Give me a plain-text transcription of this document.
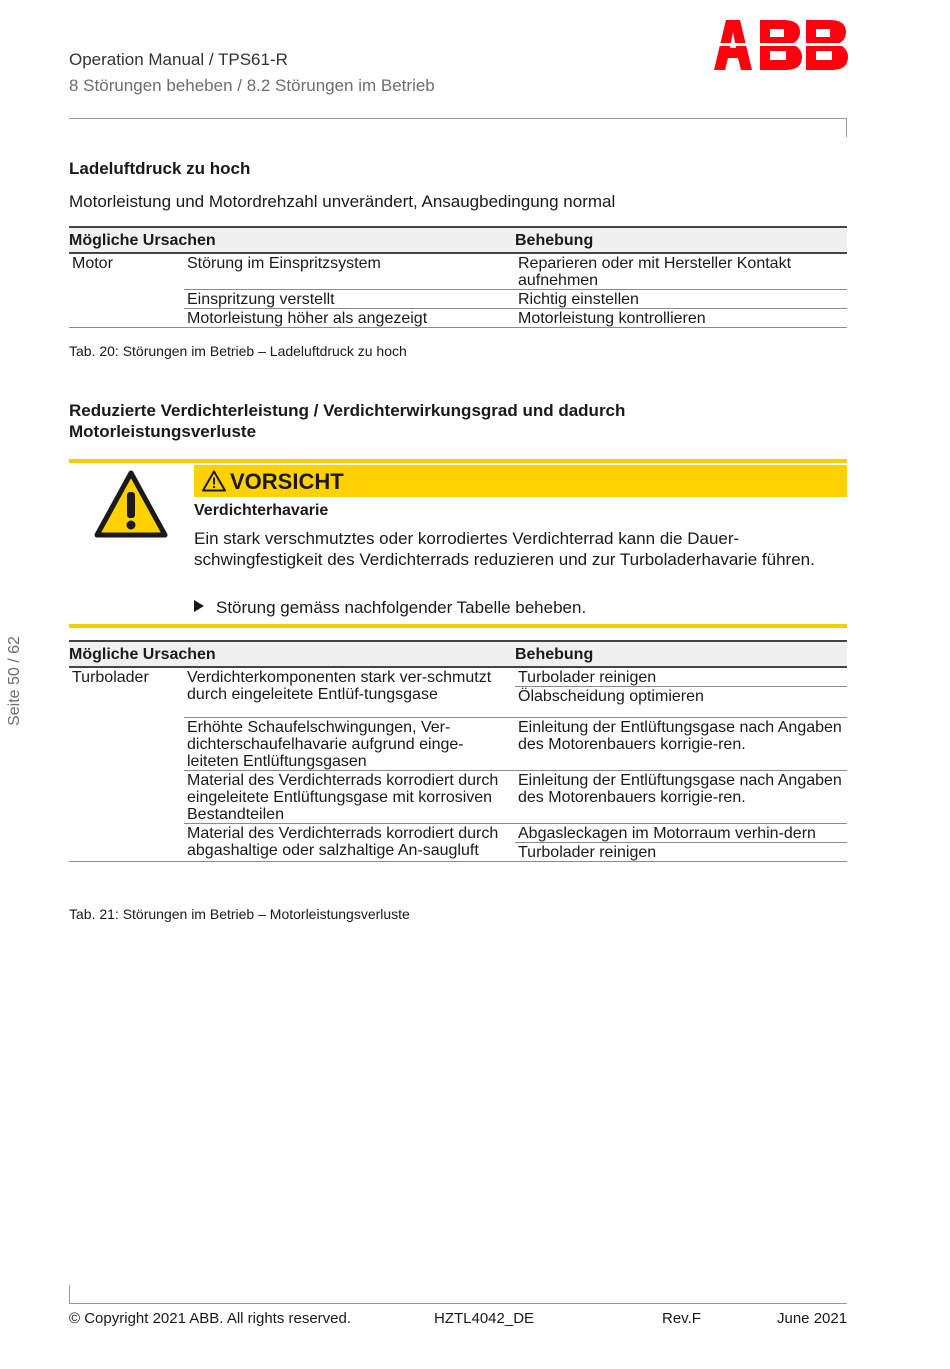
Operation Manual / TPS61-R
8 Störungen beheben / 8.2 Störungen im Betrieb
Ladeluftdruck zu hoch
Motorleistung und Motordrehzahl unverändert, Ansaugbedingung normal
Mögliche Ursachen		Behebung
Motor	Störung im Einspritzsystem	Reparieren oder mit Hersteller Kontakt aufnehmen
	Einspritzung verstellt	Richtig einstellen
	Motorleistung höher als angezeigt	Motorleistung kontrollieren
Tab. 20: Störungen im Betrieb – Ladeluftdruck zu hoch
Reduzierte Verdichterleistung / Verdichterwirkungsgrad und dadurch
Motorleistungsverluste
VORSICHT
Verdichterhavarie
Ein stark verschmutztes oder korrodiertes Verdichterrad kann die Dauer-schwingfestigkeit des Verdichterrads reduzieren und zur Turboladerhavarie führen.
Störung gemäss nachfolgender Tabelle beheben.
Mögliche Ursachen		Behebung
Turbolader	Verdichterkomponenten stark ver-schmutzt durch eingeleitete Entlüf-tungsgase	Turbolader reinigen
		Ölabscheidung optimieren
	Erhöhte Schaufelschwingungen, Ver-dichterschaufelhavarie aufgrund einge-leiteten Entlüftungsgasen	Einleitung der Entlüftungsgase nach Angaben des Motorenbauers korrigie-ren.
	Material des Verdichterrads korrodiert durch eingeleitete Entlüftungsgase mit korrosiven Bestandteilen	Einleitung der Entlüftungsgase nach Angaben des Motorenbauers korrigie-ren.
	Material des Verdichterrads korrodiert durch abgashaltige oder salzhaltige An-saugluft	Abgasleckagen im Motorraum verhin-dern
		Turbolader reinigen
Tab. 21: Störungen im Betrieb – Motorleistungsverluste
Seite 50 / 62
© Copyright 2021 ABB. All rights reserved.	HZTL4042_DE	Rev.F	June 2021
